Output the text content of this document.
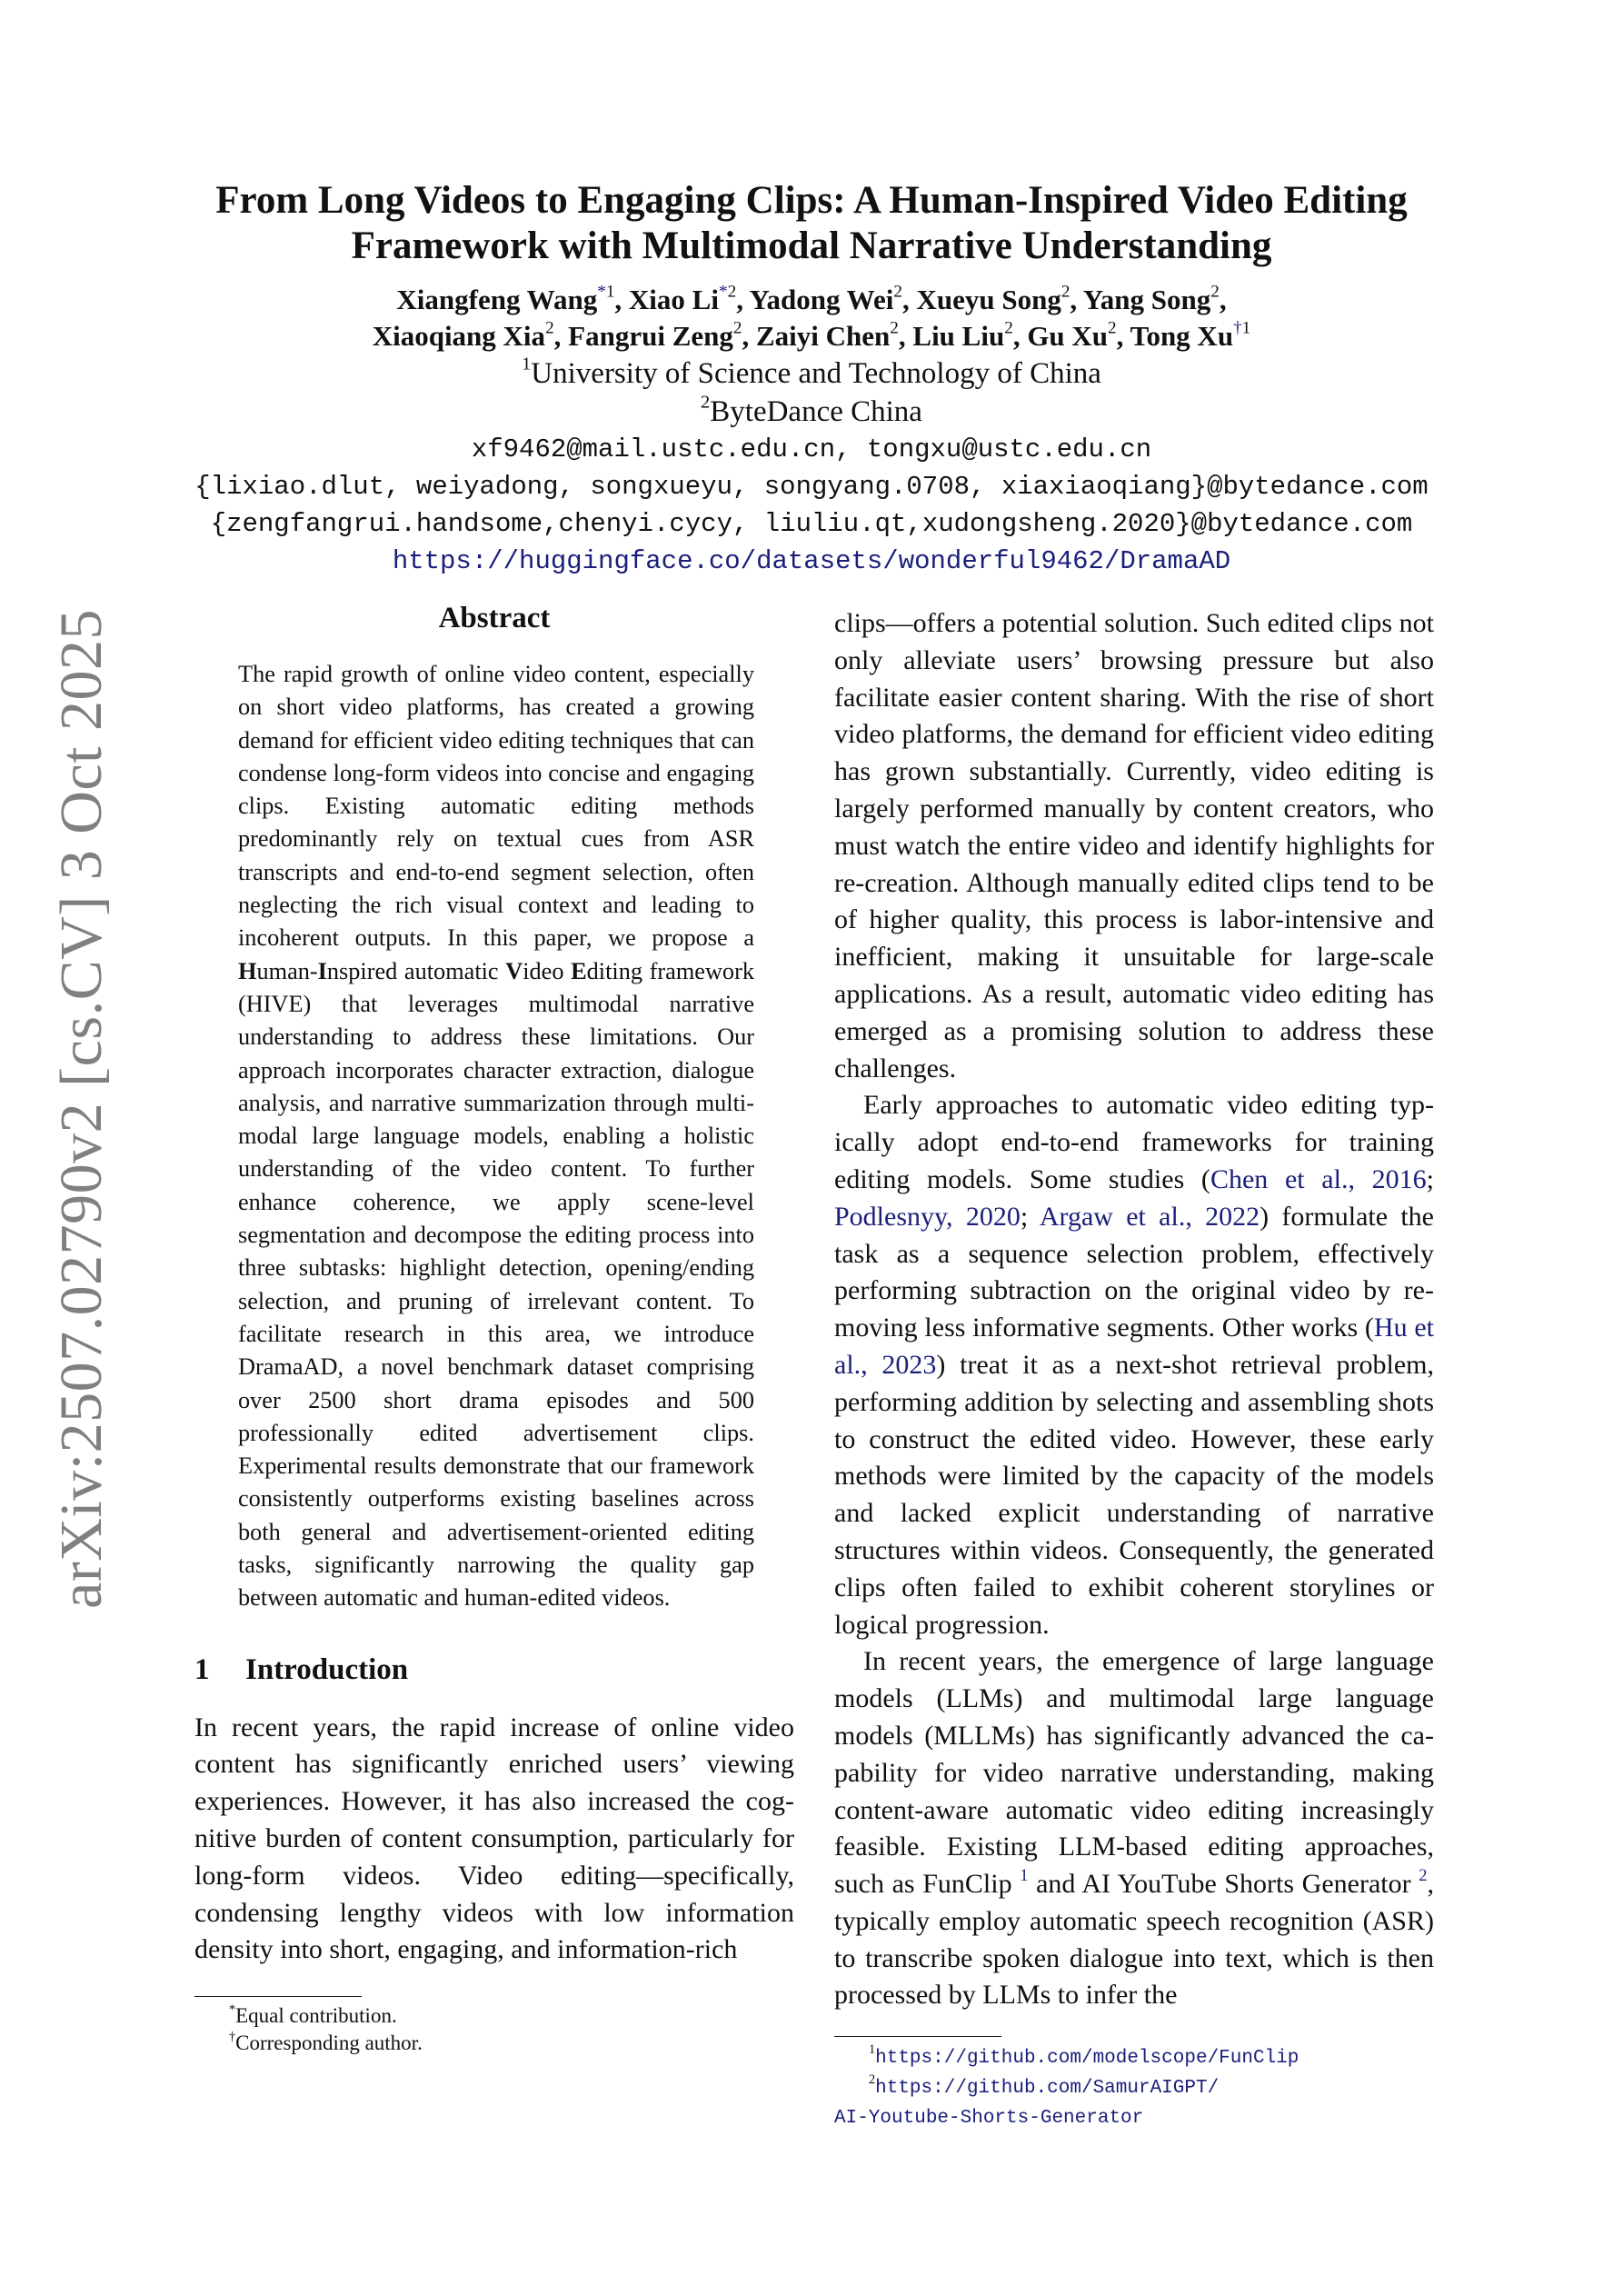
arXiv:2507.02790v2 [cs.CV] 3 Oct 2025
From Long Videos to Engaging Clips: A Human-Inspired Video Editing
Framework with Multimodal Narrative Understanding
Xiangfeng Wang$^{*1}$, Xiao Li$^{*2}$, Yadong Wei$^2$, Xueyu Song$^2$, Yang Song$^2$,
Xiaoqiang Xia$^2$, Fangrui Zeng$^2$, Zaiyi Chen$^2$, Liu Liu$^2$, Gu Xu$^2$, Tong Xu$^{\dagger 1}$
$^1$University of Science and Technology of China
$^2$ByteDance China
xf9462@mail.ustc.edu.cn, tongxu@ustc.edu.cn
{lixiao.dlut, weiyadong, songxueyu, songyang.0708, xiaxiaoqiang}@bytedance.com
{zengfangrui.handsome,chenyi.cycy, liuliu.qt,xudongsheng.2020}@bytedance.com
https://huggingface.co/datasets/wonderful9462/DramaAD
Abstract

The rapid growth of online video content, especially on short video platforms, has created a growing demand for efficient video editing techniques that can condense long-form videos into concise and engaging clips. Existing automatic editing methods predominantly rely on textual cues from ASR transcripts and end-to-end segment selection, often neglecting the rich visual context and leading to incoherent outputs. In this paper, we propose a Human-Inspired automatic Video Editing framework (HIVE) that leverages multimodal narrative understanding to address these limitations. Our approach incorporates character extraction, dialogue analysis, and narrative summarization through multimodal large language models, enabling a holistic understanding of the video content. To further enhance coherence, we apply scene-level segmentation and decompose the editing process into three subtasks: highlight detection, opening/ending selection, and pruning of irrelevant content. To facilitate research in this area, we introduce DramaAD, a novel benchmark dataset comprising over 2500 short drama episodes and 500 professionally edited advertisement clips. Experimental results demonstrate that our framework consistently outperforms existing baselines across both general and advertisement-oriented editing tasks, significantly narrowing the quality gap between automatic and human-edited videos.

1 Introduction

In recent years, the rapid increase of online video content has significantly enriched users’ viewing experiences. However, it has also increased the cognitive burden of content consumption, particularly for long-form videos. Video editing—specifically, condensing lengthy videos with low information density into short, engaging, and information-rich

*Equal contribution.

†Corresponding author.

clips—offers a potential solution. Such edited clips not only alleviate users’ browsing pressure but also facilitate easier content sharing. With the rise of short video platforms, the demand for efficient video editing has grown substantially. Currently, video editing is largely performed manually by content creators, who must watch the entire video and identify highlights for re-creation. Although manually edited clips tend to be of higher quality, this process is labor-intensive and inefficient, making it unsuitable for large-scale applications. As a result, automatic video editing has emerged as a promising solution to address these challenges.

Early approaches to automatic video editing typically adopt end-to-end frameworks for training editing models. Some studies (Chen et al., 2016; Podlesnyy, 2020; Argaw et al., 2022) formulate the task as a sequence selection problem, effectively performing subtraction on the original video by removing less informative segments. Other works (Hu et al., 2023) treat it as a next-shot retrieval problem, performing addition by selecting and assembling shots to construct the edited video. However, these early methods were limited by the capacity of the models and lacked explicit understanding of narrative structures within videos. Consequently, the generated clips often failed to exhibit coherent storylines or logical progression.

In recent years, the emergence of large language models (LLMs) and multimodal large language models (MLLMs) has significantly advanced the capability for video narrative understanding, making content-aware automatic video editing increasingly feasible. Existing LLM-based editing approaches, such as FunClip $^1$ and AI YouTube Shorts Generator $^2$, typically employ automatic speech recognition (ASR) to transcribe spoken dialogue into text, which is then processed by LLMs to infer the

$^1$https://github.com/modelscope/FunClip

$^2$https://github.com/SamurAIGPT/

AI-Youtube-Shorts-Generator
